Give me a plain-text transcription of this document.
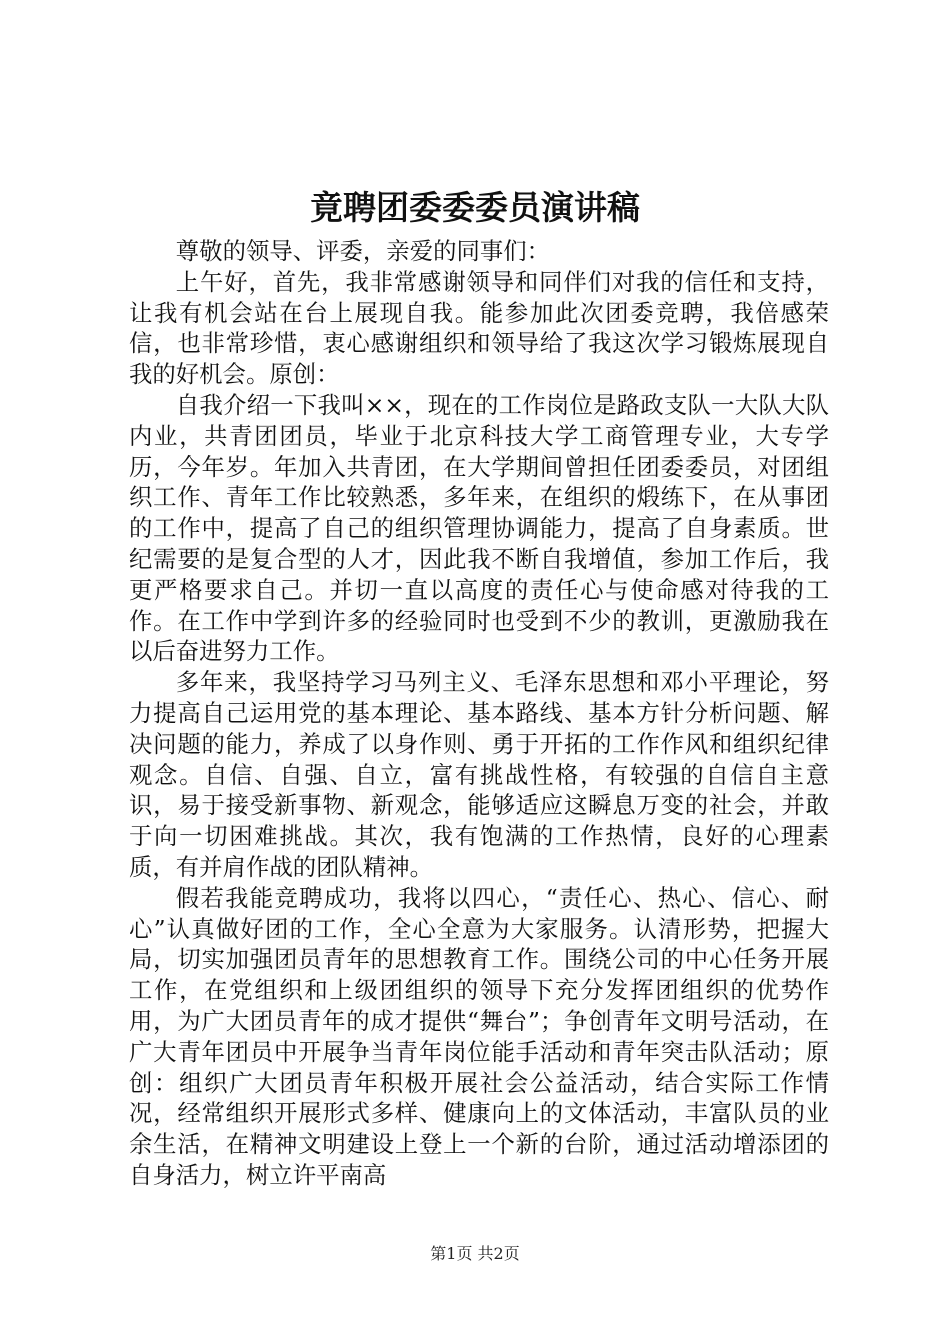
竟聘团委委委员演讲稿

尊敬的领导、评委，亲爱的同事们：

上午好，首先，我非常感谢领导和同伴们对我的信任和支持，让我有机会站在台上展现自我。能参加此次团委竞聘，我倍感荣信，也非常珍惜，衷心感谢组织和领导给了我这次学习锻炼展现自我的好机会。原创：

自我介绍一下我叫××，现在的工作岗位是路政支队一大队大队内业，共青团团员，毕业于北京科技大学工商管理专业，大专学历，今年岁。年加入共青团，在大学期间曾担任团委委员，对团组织工作、青年工作比较熟悉，多年来，在组织的煅练下，在从事团的工作中，提高了自己的组织管理协调能力，提高了自身素质。世纪需要的是复合型的人才，因此我不断自我增值，参加工作后，我更严格要求自己。并切一直以高度的责任心与使命感对待我的工作。在工作中学到许多的经验同时也受到不少的教训，更激励我在以后奋进努力工作。

多年来，我坚持学习马列主义、毛泽东思想和邓小平理论，努力提高自己运用党的基本理论、基本路线、基本方针分析问题、解决问题的能力，养成了以身作则、勇于开拓的工作作风和组织纪律观念。自信、自强、自立，富有挑战性格，有较强的自信自主意识，易于接受新事物、新观念，能够适应这瞬息万变的社会，并敢于向一切困难挑战。其次，我有饱满的工作热情，良好的心理素质，有并肩作战的团队精神。

假若我能竞聘成功，我将以四心，“责任心、热心、信心、耐心”认真做好团的工作，全心全意为大家服务。认清形势，把握大局，切实加强团员青年的思想教育工作。围绕公司的中心任务开展工作，在党组织和上级团组织的领导下充分发挥团组织的优势作用，为广大团员青年的成才提供“舞台”；争创青年文明号活动，在广大青年团员中开展争当青年岗位能手活动和青年突击队活动；原创：组织广大团员青年积极开展社会公益活动，结合实际工作情况，经常组织开展形式多样、健康向上的文体活动，丰富队员的业余生活，在精神文明建设上登上一个新的台阶，通过活动增添团的自身活力，树立许平南高

第1页 共2页
